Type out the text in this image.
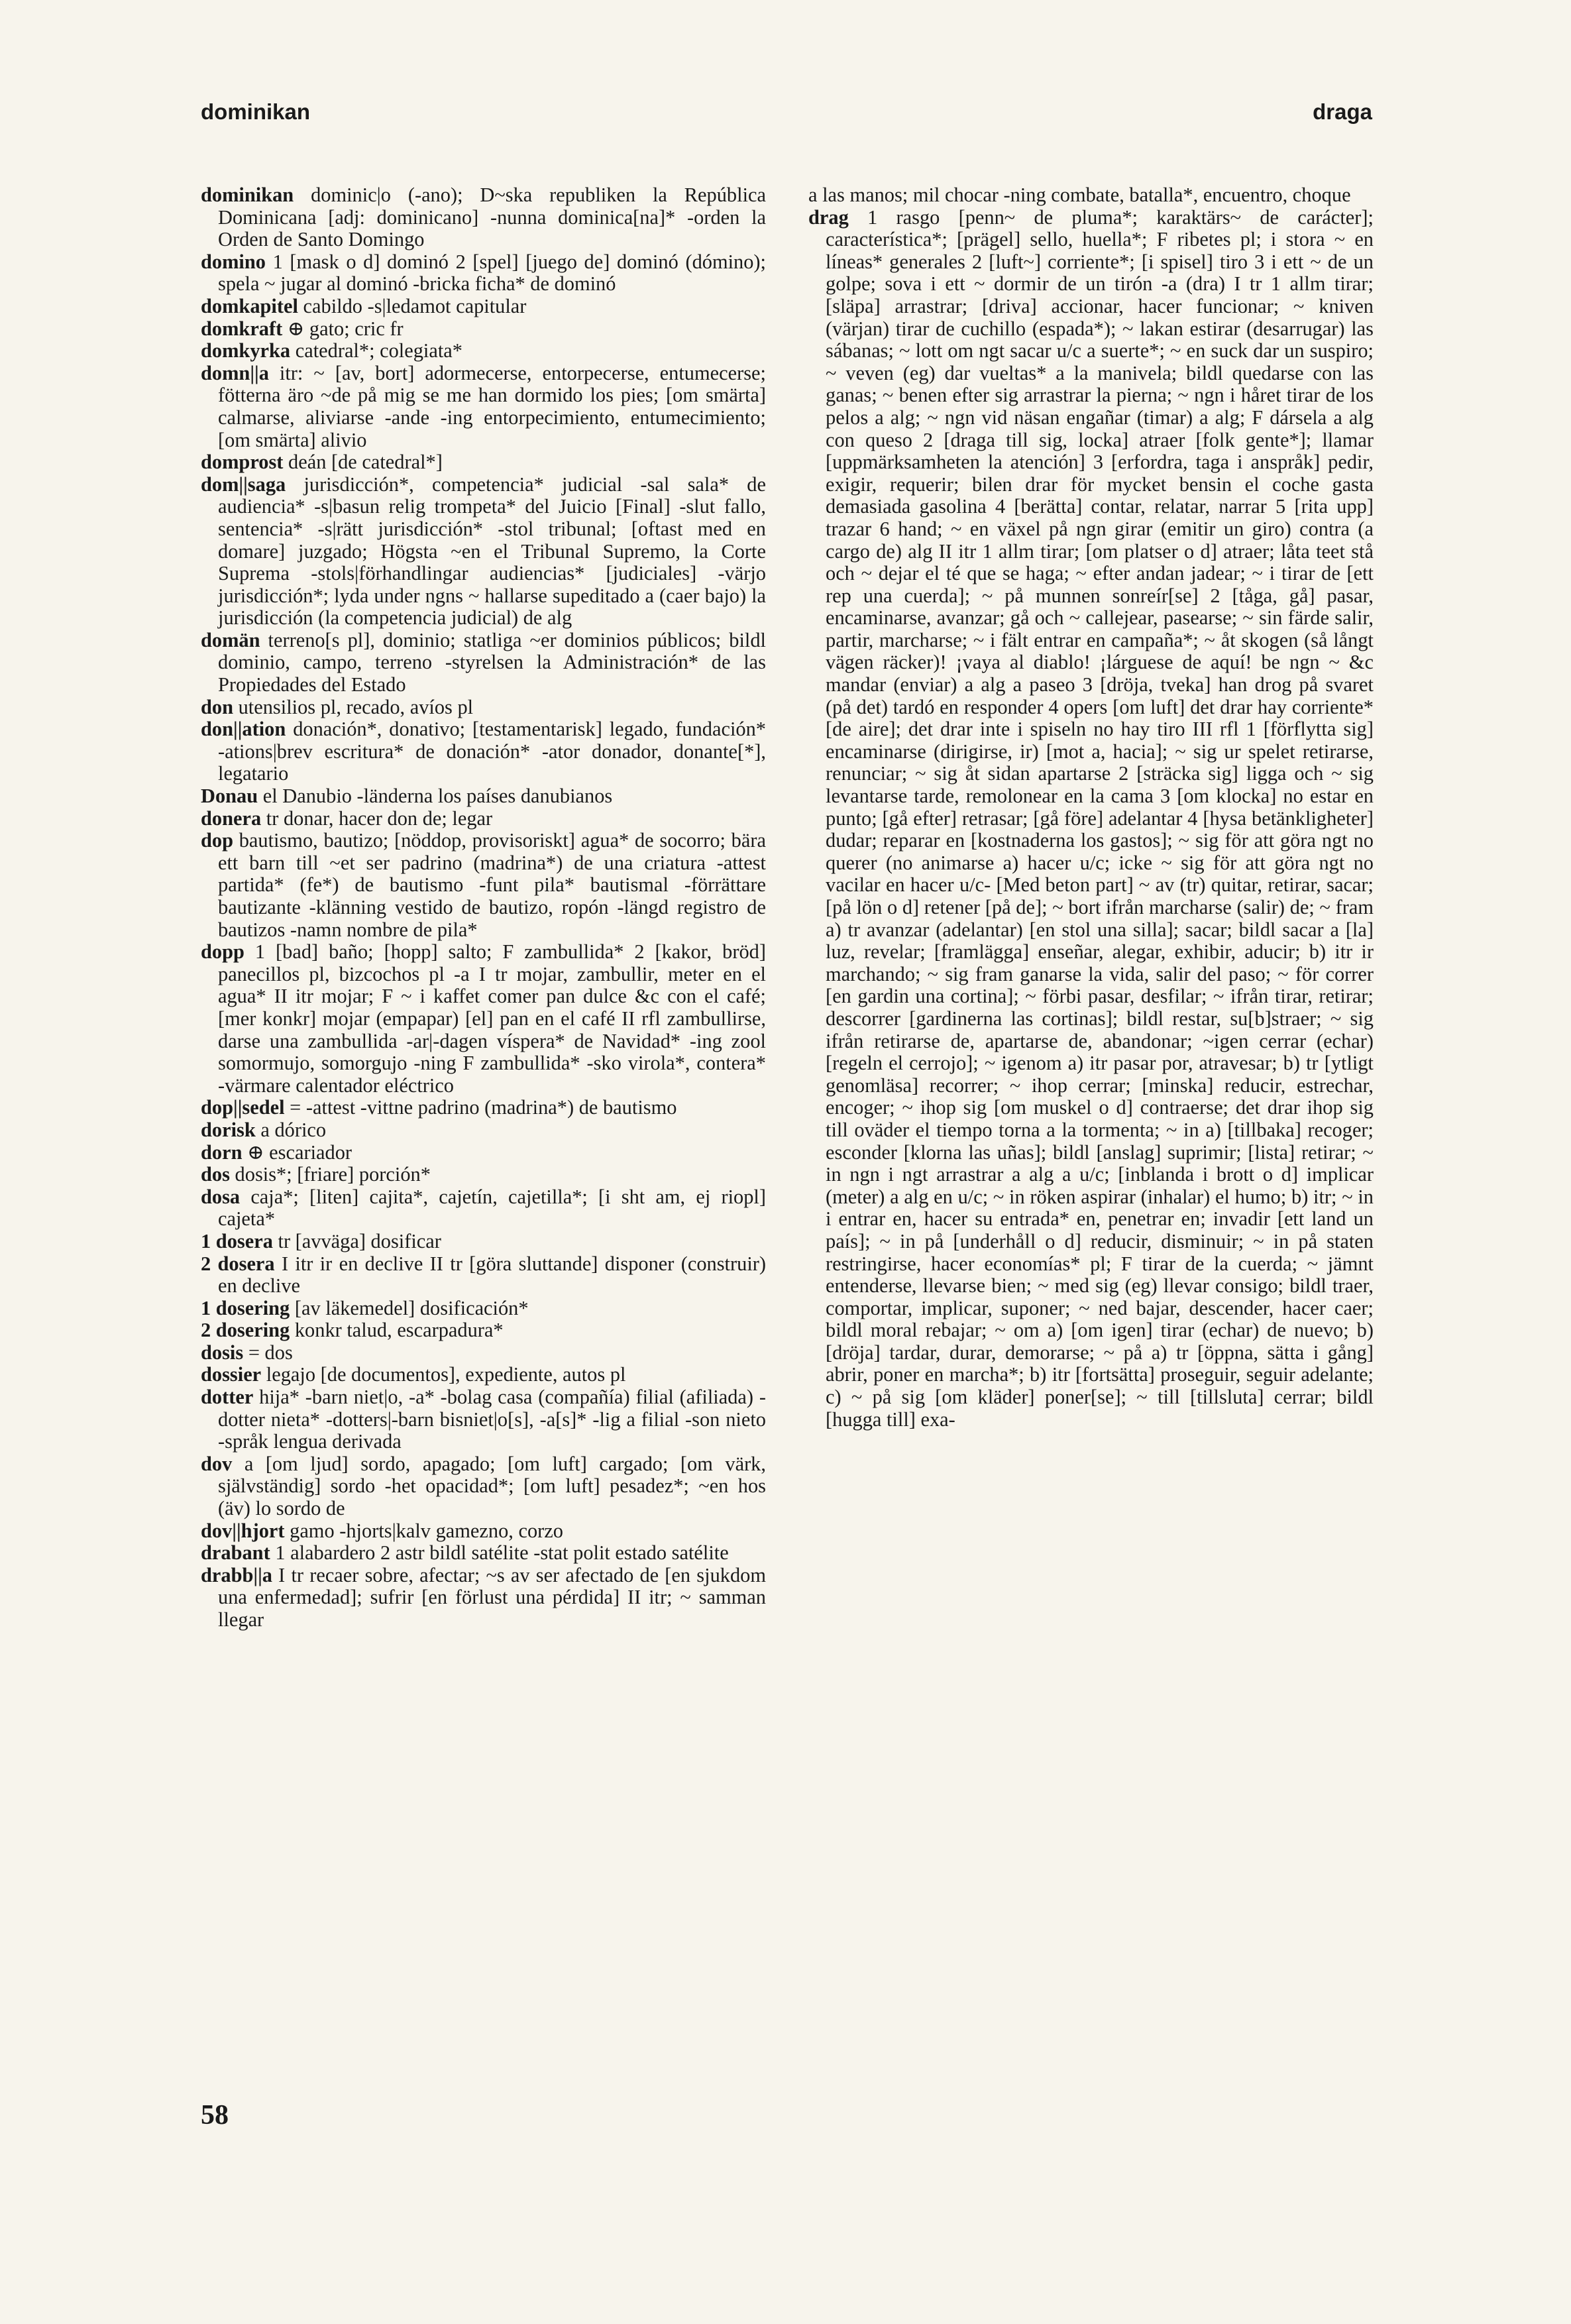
dominikan	draga

dominikan dominic|o (-ano); D~ska republiken la República Dominicana [adj: dominicano] -nunna dominica[na]* -orden la Orden de Santo Domingo

domino 1 [mask o d] dominó 2 [spel] [juego de] dominó (dómino); spela ~ jugar al dominó -bricka ficha* de dominó

domkapitel cabildo -s|ledamot capitular

domkraft ⊕ gato; cric fr

domkyrka catedral*; colegiata*

domn||a itr: ~ [av, bort] adormecerse, entorpecerse, entumecerse; fötterna äro ~de på mig se me han dormido los pies; [om smärta] calmarse, aliviarse -ande -ing entorpecimiento, entumecimiento; [om smärta] alivio

domprost deán [de catedral*]

dom||saga jurisdicción*, competencia* judicial -sal sala* de audiencia* -s|basun relig trompeta* del Juicio [Final] -slut fallo, sentencia* -s|rätt jurisdicción* -stol tribunal; [oftast med en domare] juzgado; Högsta ~en el Tribunal Supremo, la Corte Suprema -stols|förhandlingar audiencias* [judiciales] -värjo jurisdicción*; lyda under ngns ~ hallarse supeditado a (caer bajo) la jurisdicción (la competencia judicial) de alg

domän terreno[s pl], dominio; statliga ~er dominios públicos; bildl dominio, campo, terreno -styrelsen la Administración* de las Propiedades del Estado

don utensilios pl, recado, avíos pl

don||ation donación*, donativo; [testamentarisk] legado, fundación* -ations|brev escritura* de donación* -ator donador, donante[*], legatario

Donau el Danubio -länderna los países danubianos

donera tr donar, hacer don de; legar

dop bautismo, bautizo; [nöddop, provisoriskt] agua* de socorro; bära ett barn till ~et ser padrino (madrina*) de una criatura -attest partida* (fe*) de bautismo -funt pila* bautismal -förrättare bautizante -klänning vestido de bautizo, ropón -längd registro de bautizos -namn nombre de pila*

dopp 1 [bad] baño; [hopp] salto; F zambullida* 2 [kakor, bröd] panecillos pl, bizcochos pl -a I tr mojar, zambullir, meter en el agua* II itr mojar; F ~ i kaffet comer pan dulce &c con el café; [mer konkr] mojar (empapar) [el] pan en el café II rfl zambullirse, darse una zambullida -ar|-dagen víspera* de Navidad* -ing zool somormujo, somorgujo -ning F zambullida* -sko virola*, contera* -värmare calentador eléctrico

dop||sedel = -attest -vittne padrino (madrina*) de bautismo

dorisk a dórico

dorn ⊕ escariador

dos dosis*; [friare] porción*

dosa caja*; [liten] cajita*, cajetín, cajetilla*; [i sht am, ej riopl] cajeta*

1 dosera tr [avväga] dosificar

2 dosera I itr ir en declive II tr [göra sluttande] disponer (construir) en declive

1 dosering [av läkemedel] dosificación*

2 dosering konkr talud, escarpadura*

dosis = dos

dossier legajo [de documentos], expediente, autos pl

dotter hija* -barn niet|o, -a* -bolag casa (compañía) filial (afiliada) -dotter nieta* -dotters|-barn bisniet|o[s], -a[s]* -lig a filial -son nieto -språk lengua derivada

dov a [om ljud] sordo, apagado; [om luft] cargado; [om värk, självständig] sordo -het opacidad*; [om luft] pesadez*; ~en hos (äv) lo sordo de

dov||hjort gamo -hjorts|kalv gamezno, corzo

drabant 1 alabardero 2 astr bildl satélite -stat polit estado satélite

drabb||a I tr recaer sobre, afectar; ~s av ser afectado de [en sjukdom una enfermedad]; sufrir [en förlust una pérdida] II itr; ~ samman llegar

a las manos; mil chocar -ning combate, batalla*, encuentro, choque

drag 1 rasgo [penn~ de pluma*; karaktärs~ de carácter]; característica*; [prägel] sello, huella*; F ribetes pl; i stora ~ en líneas* generales 2 [luft~] corriente*; [i spisel] tiro 3 i ett ~ de un golpe; sova i ett ~ dormir de un tirón -a (dra) I tr 1 allm tirar; [släpa] arrastrar; [driva] accionar, hacer funcionar; ~ kniven (värjan) tirar de cuchillo (espada*); ~ lakan estirar (desarrugar) las sábanas; ~ lott om ngt sacar u/c a suerte*; ~ en suck dar un suspiro; ~ veven (eg) dar vueltas* a la manivela; bildl quedarse con las ganas; ~ benen efter sig arrastrar la pierna; ~ ngn i håret tirar de los pelos a alg; ~ ngn vid näsan engañar (timar) a alg; F dársela a alg con queso 2 [draga till sig, locka] atraer [folk gente*]; llamar [uppmärksamheten la atención] 3 [erfordra, taga i anspråk] pedir, exigir, requerir; bilen drar för mycket bensin el coche gasta demasiada gasolina 4 [berätta] contar, relatar, narrar 5 [rita upp] trazar 6 hand; ~ en växel på ngn girar (emitir un giro) contra (a cargo de) alg II itr 1 allm tirar; [om platser o d] atraer; låta teet stå och ~ dejar el té que se haga; ~ efter andan jadear; ~ i tirar de [ett rep una cuerda]; ~ på munnen sonreír[se] 2 [tåga, gå] pasar, encaminarse, avanzar; gå och ~ callejear, pasearse; ~ sin färde salir, partir, marcharse; ~ i fält entrar en campaña*; ~ åt skogen (så långt vägen räcker)! ¡vaya al diablo! ¡lárguese de aquí! be ngn ~ &c mandar (enviar) a alg a paseo 3 [dröja, tveka] han drog på svaret (på det) tardó en responder 4 opers [om luft] det drar hay corriente* [de aire]; det drar inte i spiseln no hay tiro III rfl 1 [förflytta sig] encaminarse (dirigirse, ir) [mot a, hacia]; ~ sig ur spelet retirarse, renunciar; ~ sig åt sidan apartarse 2 [sträcka sig] ligga och ~ sig levantarse tarde, remolonear en la cama 3 [om klocka] no estar en punto; [gå efter] retrasar; [gå före] adelantar 4 [hysa betänkligheter] dudar; reparar en [kostnaderna los gastos]; ~ sig för att göra ngt no querer (no animarse a) hacer u/c; icke ~ sig för att göra ngt no vacilar en hacer u/c- [Med beton part] ~ av (tr) quitar, retirar, sacar; [på lön o d] retener [på de]; ~ bort ifrån marcharse (salir) de; ~ fram a) tr avanzar (adelantar) [en stol una silla]; sacar; bildl sacar a [la] luz, revelar; [framlägga] enseñar, alegar, exhibir, aducir; b) itr ir marchando; ~ sig fram ganarse la vida, salir del paso; ~ för correr [en gardin una cortina]; ~ förbi pasar, desfilar; ~ ifrån tirar, retirar; descorrer [gardinerna las cortinas]; bildl restar, su[b]straer; ~ sig ifrån retirarse de, apartarse de, abandonar; ~igen cerrar (echar) [regeln el cerrojo]; ~ igenom a) itr pasar por, atravesar; b) tr [ytligt genomläsa] recorrer; ~ ihop cerrar; [minska] reducir, estrechar, encoger; ~ ihop sig [om muskel o d] contraerse; det drar ihop sig till oväder el tiempo torna a la tormenta; ~ in a) [tillbaka] recoger; esconder [klorna las uñas]; bildl [anslag] suprimir; [lista] retirar; ~ in ngn i ngt arrastrar a alg a u/c; [inblanda i brott o d] implicar (meter) a alg en u/c; ~ in röken aspirar (inhalar) el humo; b) itr; ~ in i entrar en, hacer su entrada* en, penetrar en; invadir [ett land un país]; ~ in på [underhåll o d] reducir, disminuir; ~ in på staten restringirse, hacer economías* pl; F tirar de la cuerda; ~ jämnt entenderse, llevarse bien; ~ med sig (eg) llevar consigo; bildl traer, comportar, implicar, suponer; ~ ned bajar, descender, hacer caer; bildl moral rebajar; ~ om a) [om igen] tirar (echar) de nuevo; b) [dröja] tardar, durar, demorarse; ~ på a) tr [öppna, sätta i gång] abrir, poner en marcha*; b) itr [fortsätta] proseguir, seguir adelante; c) ~ på sig [om kläder] poner[se]; ~ till [tillsluta] cerrar; bildl [hugga till] exa-

58
